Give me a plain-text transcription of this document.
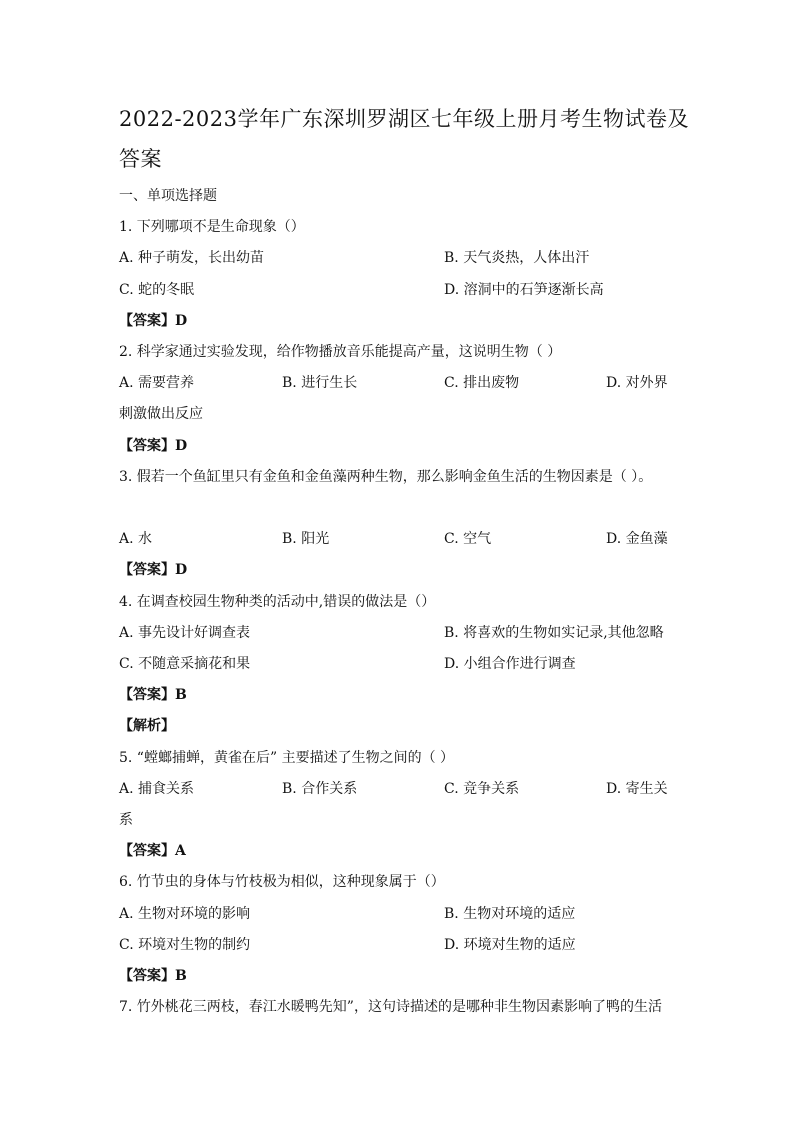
2022-2023学年广东深圳罗湖区七年级上册月考生物试卷及
答案
一、单项选择题
1. 下列哪项不是生命现象（）
A. 种子萌发，长出幼苗	B. 天气炎热，人体出汗
C. 蛇的冬眠	D. 溶洞中的石笋逐渐长高
【答案】D
2. 科学家通过实验发现，给作物播放音乐能提高产量，这说明生物（ ）
A. 需要营养	B. 进行生长	C. 排出废物	D. 对外界
刺激做出反应
【答案】D
3. 假若一个鱼缸里只有金鱼和金鱼藻两种生物，那么影响金鱼生活的生物因素是（ ）。
A. 水	B. 阳光	C. 空气	D. 金鱼藻
【答案】D
4. 在调查校园生物种类的活动中,错误的做法是（）
A. 事先设计好调查表	B. 将喜欢的生物如实记录,其他忽略
C. 不随意采摘花和果	D. 小组合作进行调查
【答案】B
【解析】
5. “螳螂捕蝉，黄雀在后” 主要描述了生物之间的（ ）
A. 捕食关系	B. 合作关系	C. 竞争关系	D. 寄生关
系
【答案】A
6. 竹节虫的身体与竹枝极为相似，这种现象属于（）
A. 生物对环境的影响	B. 生物对环境的适应
C. 环境对生物的制约	D. 环境对生物的适应
【答案】B
7. 竹外桃花三两枝，春江水暖鸭先知”，这句诗描述的是哪种非生物因素影响了鸭的生活
